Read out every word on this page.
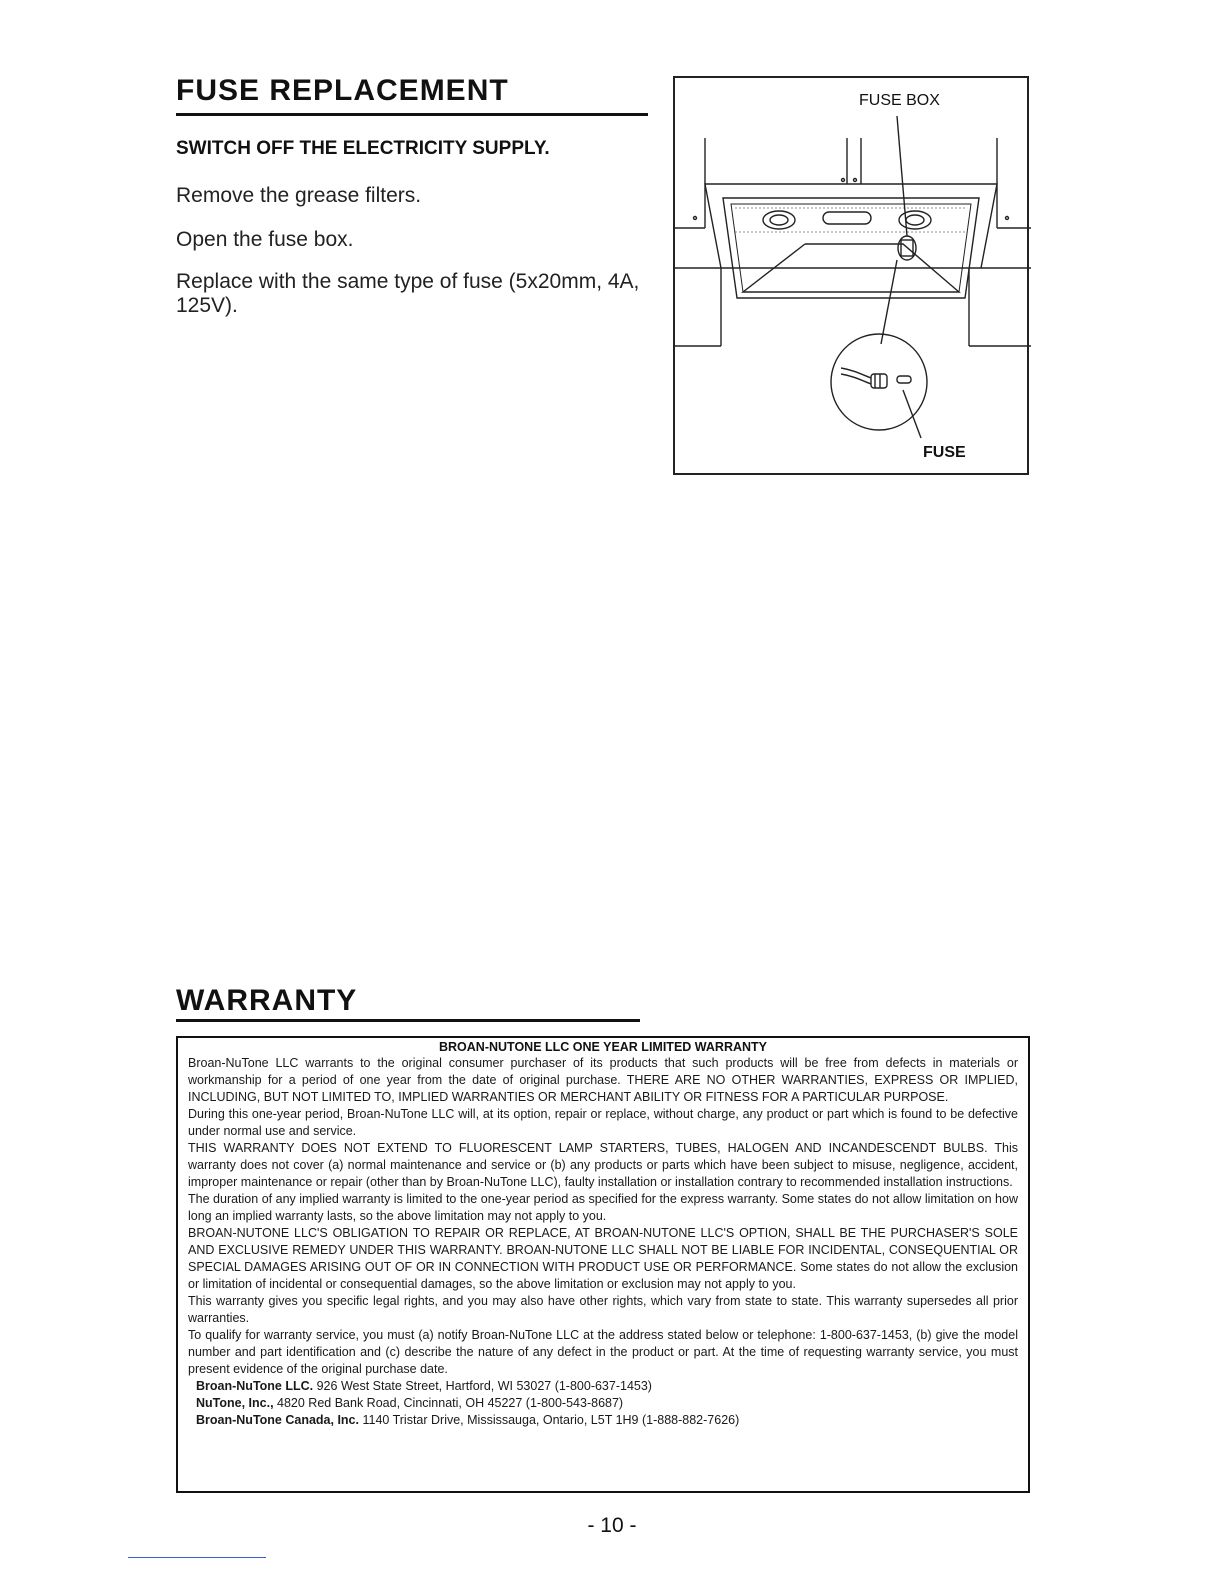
FUSE REPLACEMENT

SWITCH OFF THE ELECTRICITY SUPPLY.

Remove the grease filters.

Open the fuse box.

Replace with the same type of fuse (5x20mm, 4A, 125V).

FUSE BOX
FUSE
WARRANTY

BROAN-NUTONE LLC ONE YEAR LIMITED WARRANTY

Broan-NuTone LLC warrants to the original consumer purchaser of its products that such products will be free from defects in materials or workmanship for a period of one year from the date of original purchase. THERE ARE NO OTHER WARRANTIES, EXPRESS OR IMPLIED, INCLUDING, BUT NOT LIMITED TO, IMPLIED WARRANTIES OR MERCHANT ABILITY OR FITNESS FOR A PARTICULAR PURPOSE.

During this one-year period, Broan-NuTone LLC will, at its option, repair or replace, without charge, any product or part which is found to be defective under normal use and service.

THIS WARRANTY DOES NOT EXTEND TO FLUORESCENT LAMP STARTERS, TUBES, HALOGEN AND INCANDESCENDT BULBS. This warranty does not cover (a) normal maintenance and service or (b) any products or parts which have been subject to misuse, negligence, accident, improper maintenance or repair (other than by Broan-NuTone LLC), faulty installation or installation contrary to recommended installation instructions.

The duration of any implied warranty is limited to the one-year period as specified for the express warranty. Some states do not allow limitation on how long an implied warranty lasts, so the above limitation may not apply to you.

BROAN-NUTONE LLC'S OBLIGATION TO REPAIR OR REPLACE, AT BROAN-NUTONE LLC'S OPTION, SHALL BE THE PURCHASER'S SOLE AND EXCLUSIVE REMEDY UNDER THIS WARRANTY. BROAN-NUTONE LLC SHALL NOT BE LIABLE FOR INCIDENTAL, CONSEQUENTIAL OR SPECIAL DAMAGES ARISING OUT OF OR IN CONNECTION WITH PRODUCT USE OR PERFORMANCE. Some states do not allow the exclusion or limitation of incidental or consequential damages, so the above limitation or exclusion may not apply to you.

This warranty gives you specific legal rights, and you may also have other rights, which vary from state to state. This warranty supersedes all prior warranties.

To qualify for warranty service, you must (a) notify Broan-NuTone LLC at the address stated below or telephone: 1-800-637-1453, (b) give the model number and part identification and (c) describe the nature of any defect in the product or part. At the time of requesting warranty service, you must present evidence of the original purchase date.

Broan-NuTone LLC. 926 West State Street, Hartford, WI 53027 (1-800-637-1453)

NuTone, Inc., 4820 Red Bank Road, Cincinnati, OH 45227 (1-800-543-8687)

Broan-NuTone Canada, Inc. 1140 Tristar Drive, Mississauga, Ontario, L5T 1H9 (1-888-882-7626)

- 10 -
